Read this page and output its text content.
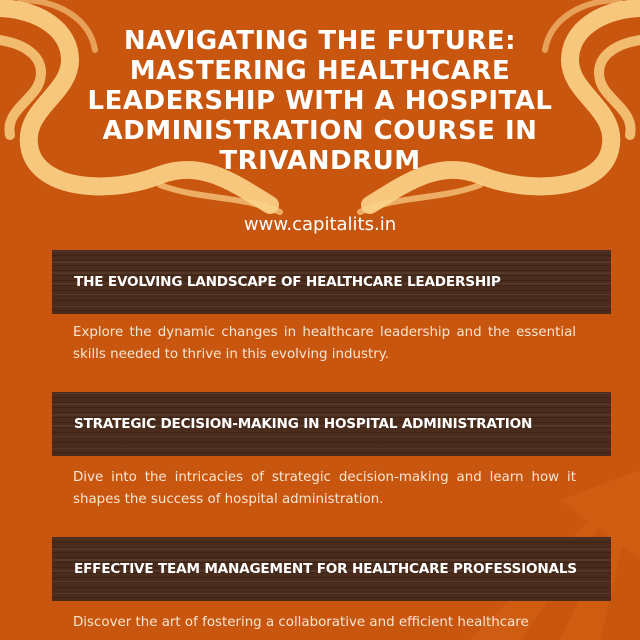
NAVIGATING THE FUTURE: MASTERING HEALTHCARE LEADERSHIP WITH A HOSPITAL ADMINISTRATION COURSE IN TRIVANDRUM
www.capitalits.in
THE EVOLVING LANDSCAPE OF HEALTHCARE LEADERSHIP

Explore the dynamic changes in healthcare leadership and the essential skills needed to thrive in this evolving industry.

STRATEGIC DECISION-MAKING IN HOSPITAL ADMINISTRATION

Dive into the intricacies of strategic decision-making and learn how it shapes the success of hospital administration.

EFFECTIVE TEAM MANAGEMENT FOR HEALTHCARE PROFESSIONALS

Discover the art of fostering a collaborative and efficient healthcare
